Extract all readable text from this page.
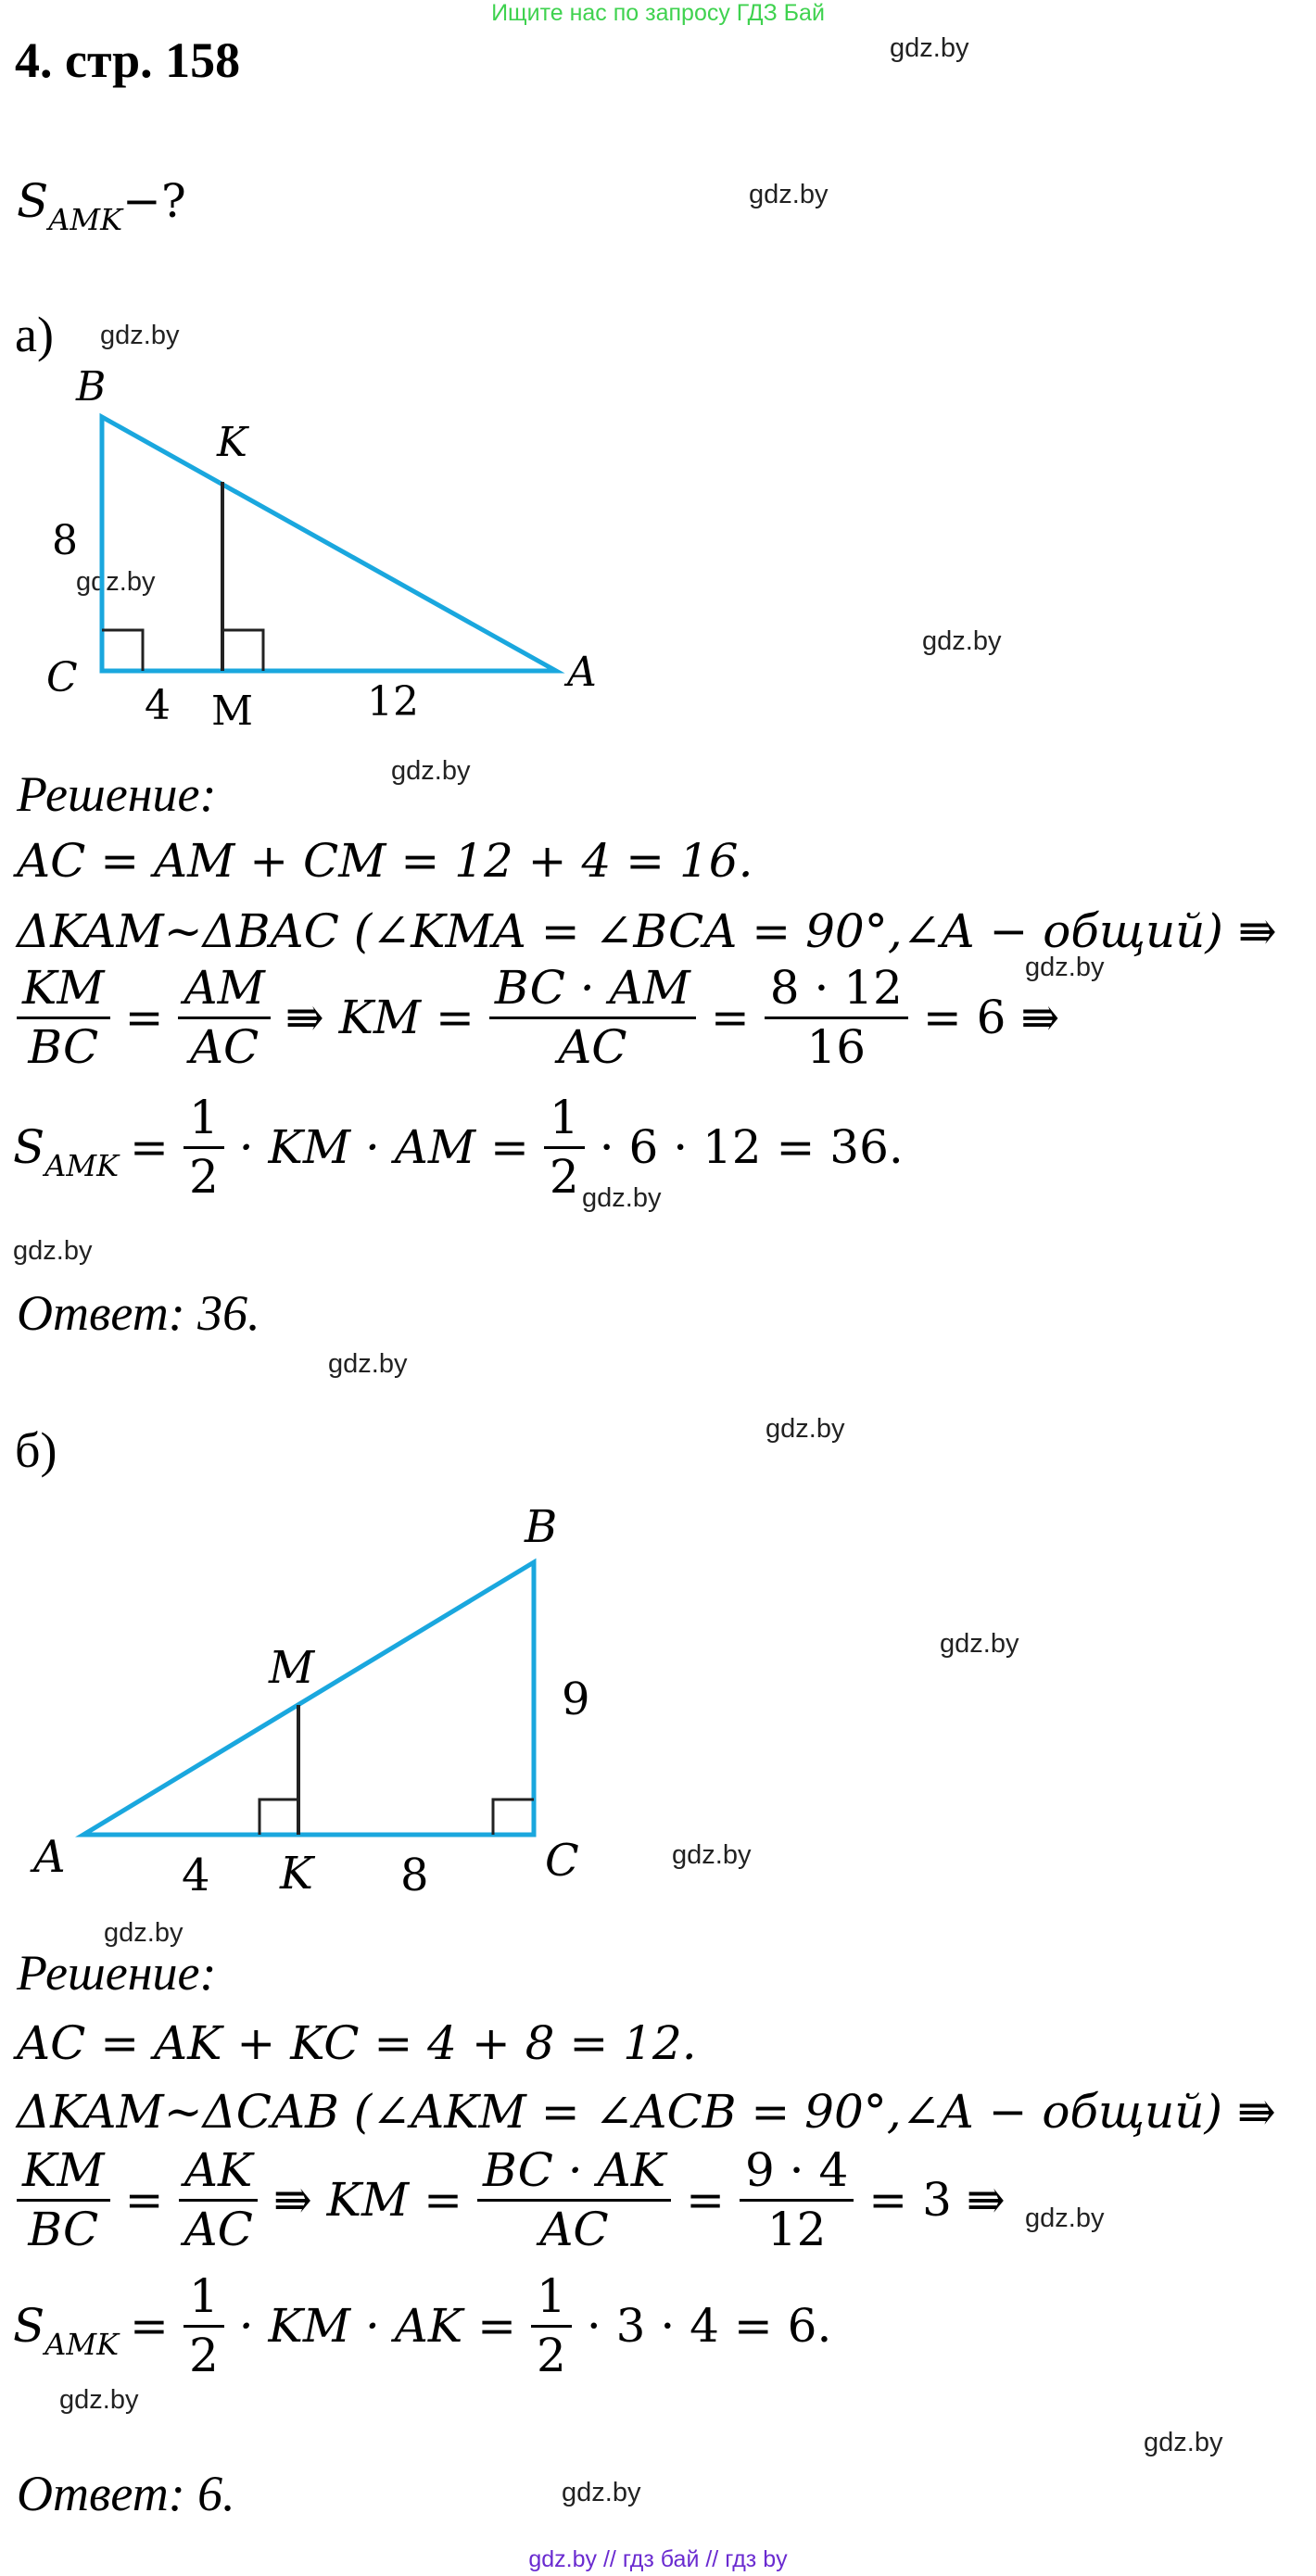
Ищите нас по запросу ГДЗ Бай
gdz.by // гдз бай // гдз by
4. стр. 158
$S_{AMK}-$?
gdz.by
gdz.by
gdz.by
gdz.by
gdz.by
gdz.by
gdz.by
gdz.by
gdz.by
gdz.by
gdz.by
gdz.by
gdz.by
gdz.by
gdz.by
gdz.by
gdz.by
gdz.by
а)
B
K
C
M
A
8
4	12
Решение:
AC = AM + CM = 12 + 4 = 16.
ΔKAM~ΔBAC (∠KMA = ∠BCA = 90°,∠A − общий) ⇛
$\frac{KM}{BC} = \frac{AM}{AC}$ ⇛ KM = $\frac{BC \cdot AM}{AC} = \frac{8 \cdot 12}{16} = 6$ ⇛
$S_{AMK} = \frac{1}{2}$ · KM · AM = $\frac{1}{2} \cdot 6 \cdot 12 = 36$.
Ответ: 36.
б)
B
M
A	K	C
9
4	8
Решение:
AC = AK + KC = 4 + 8 = 12.
ΔKAM~ΔCAB (∠AKM = ∠ACB = 90°,∠A − общий) ⇛
$\frac{KM}{BC} = \frac{AK}{AC}$ ⇛ KM = $\frac{BC \cdot AK}{AC} = \frac{9 \cdot 4}{12} = 3$ ⇛
$S_{AMK} = \frac{1}{2}$ · KM · AK = $\frac{1}{2} \cdot 3 \cdot 4 = 6$.
Ответ: 6.
